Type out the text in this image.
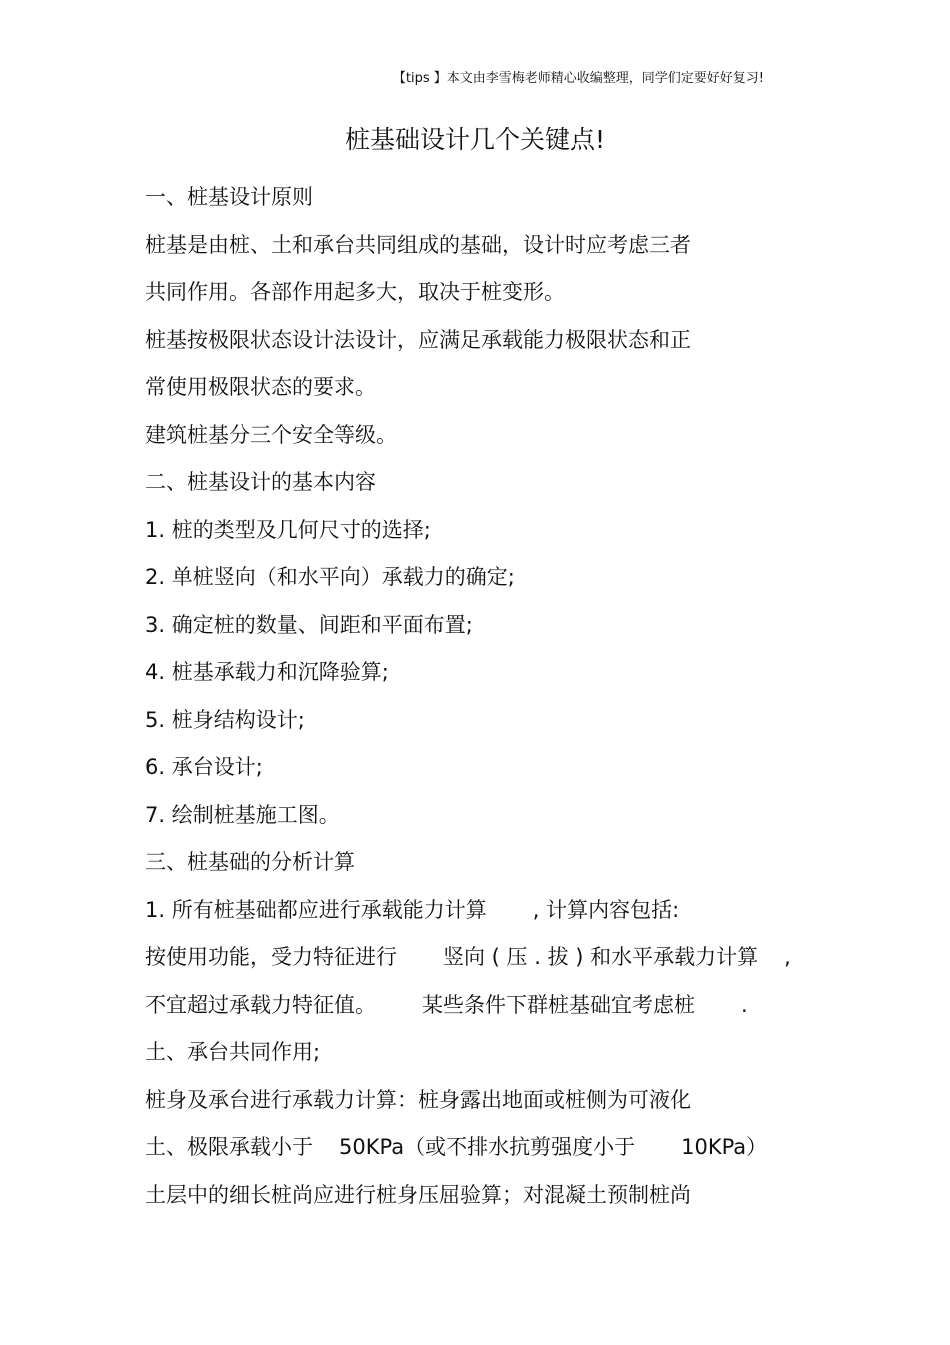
【tips 】本文由李雪梅老师精心收编整理，同学们定要好好复习!
桩基础设计几个关键点!

一、桩基设计原则

桩基是由桩、土和承台共同组成的基础，设计时应考虑三者

共同作用。各部作用起多大，取决于桩变形。

桩基按极限状态设计法设计，应满足承载能力极限状态和正

常使用极限状态的要求。

建筑桩基分三个安全等级。

二、桩基设计的基本内容

1. 桩的类型及几何尺寸的选择;

2. 单桩竖向（和水平向）承载力的确定;

3. 确定桩的数量、间距和平面布置;

4. 桩基承载力和沉降验算;

5. 桩身结构设计;

6. 承台设计;

7. 绘制桩基施工图。

三、桩基础的分析计算

1. 所有桩基础都应进行承载能力计算 , 计算内容包括:

按使用功能，受力特征进行 竖向 ( 压 . 拔 ) 和水平承载力计算 ,

不宜超过承载力特征值。 某些条件下群桩基础宜考虑桩 .

土、承台共同作用;

桩身及承台进行承载力计算：桩身露出地面或桩侧为可液化

土、极限承载小于 50KPa（或不排水抗剪强度小于 10KPa）

土层中的细长桩尚应进行桩身压屈验算；对混凝土预制桩尚
